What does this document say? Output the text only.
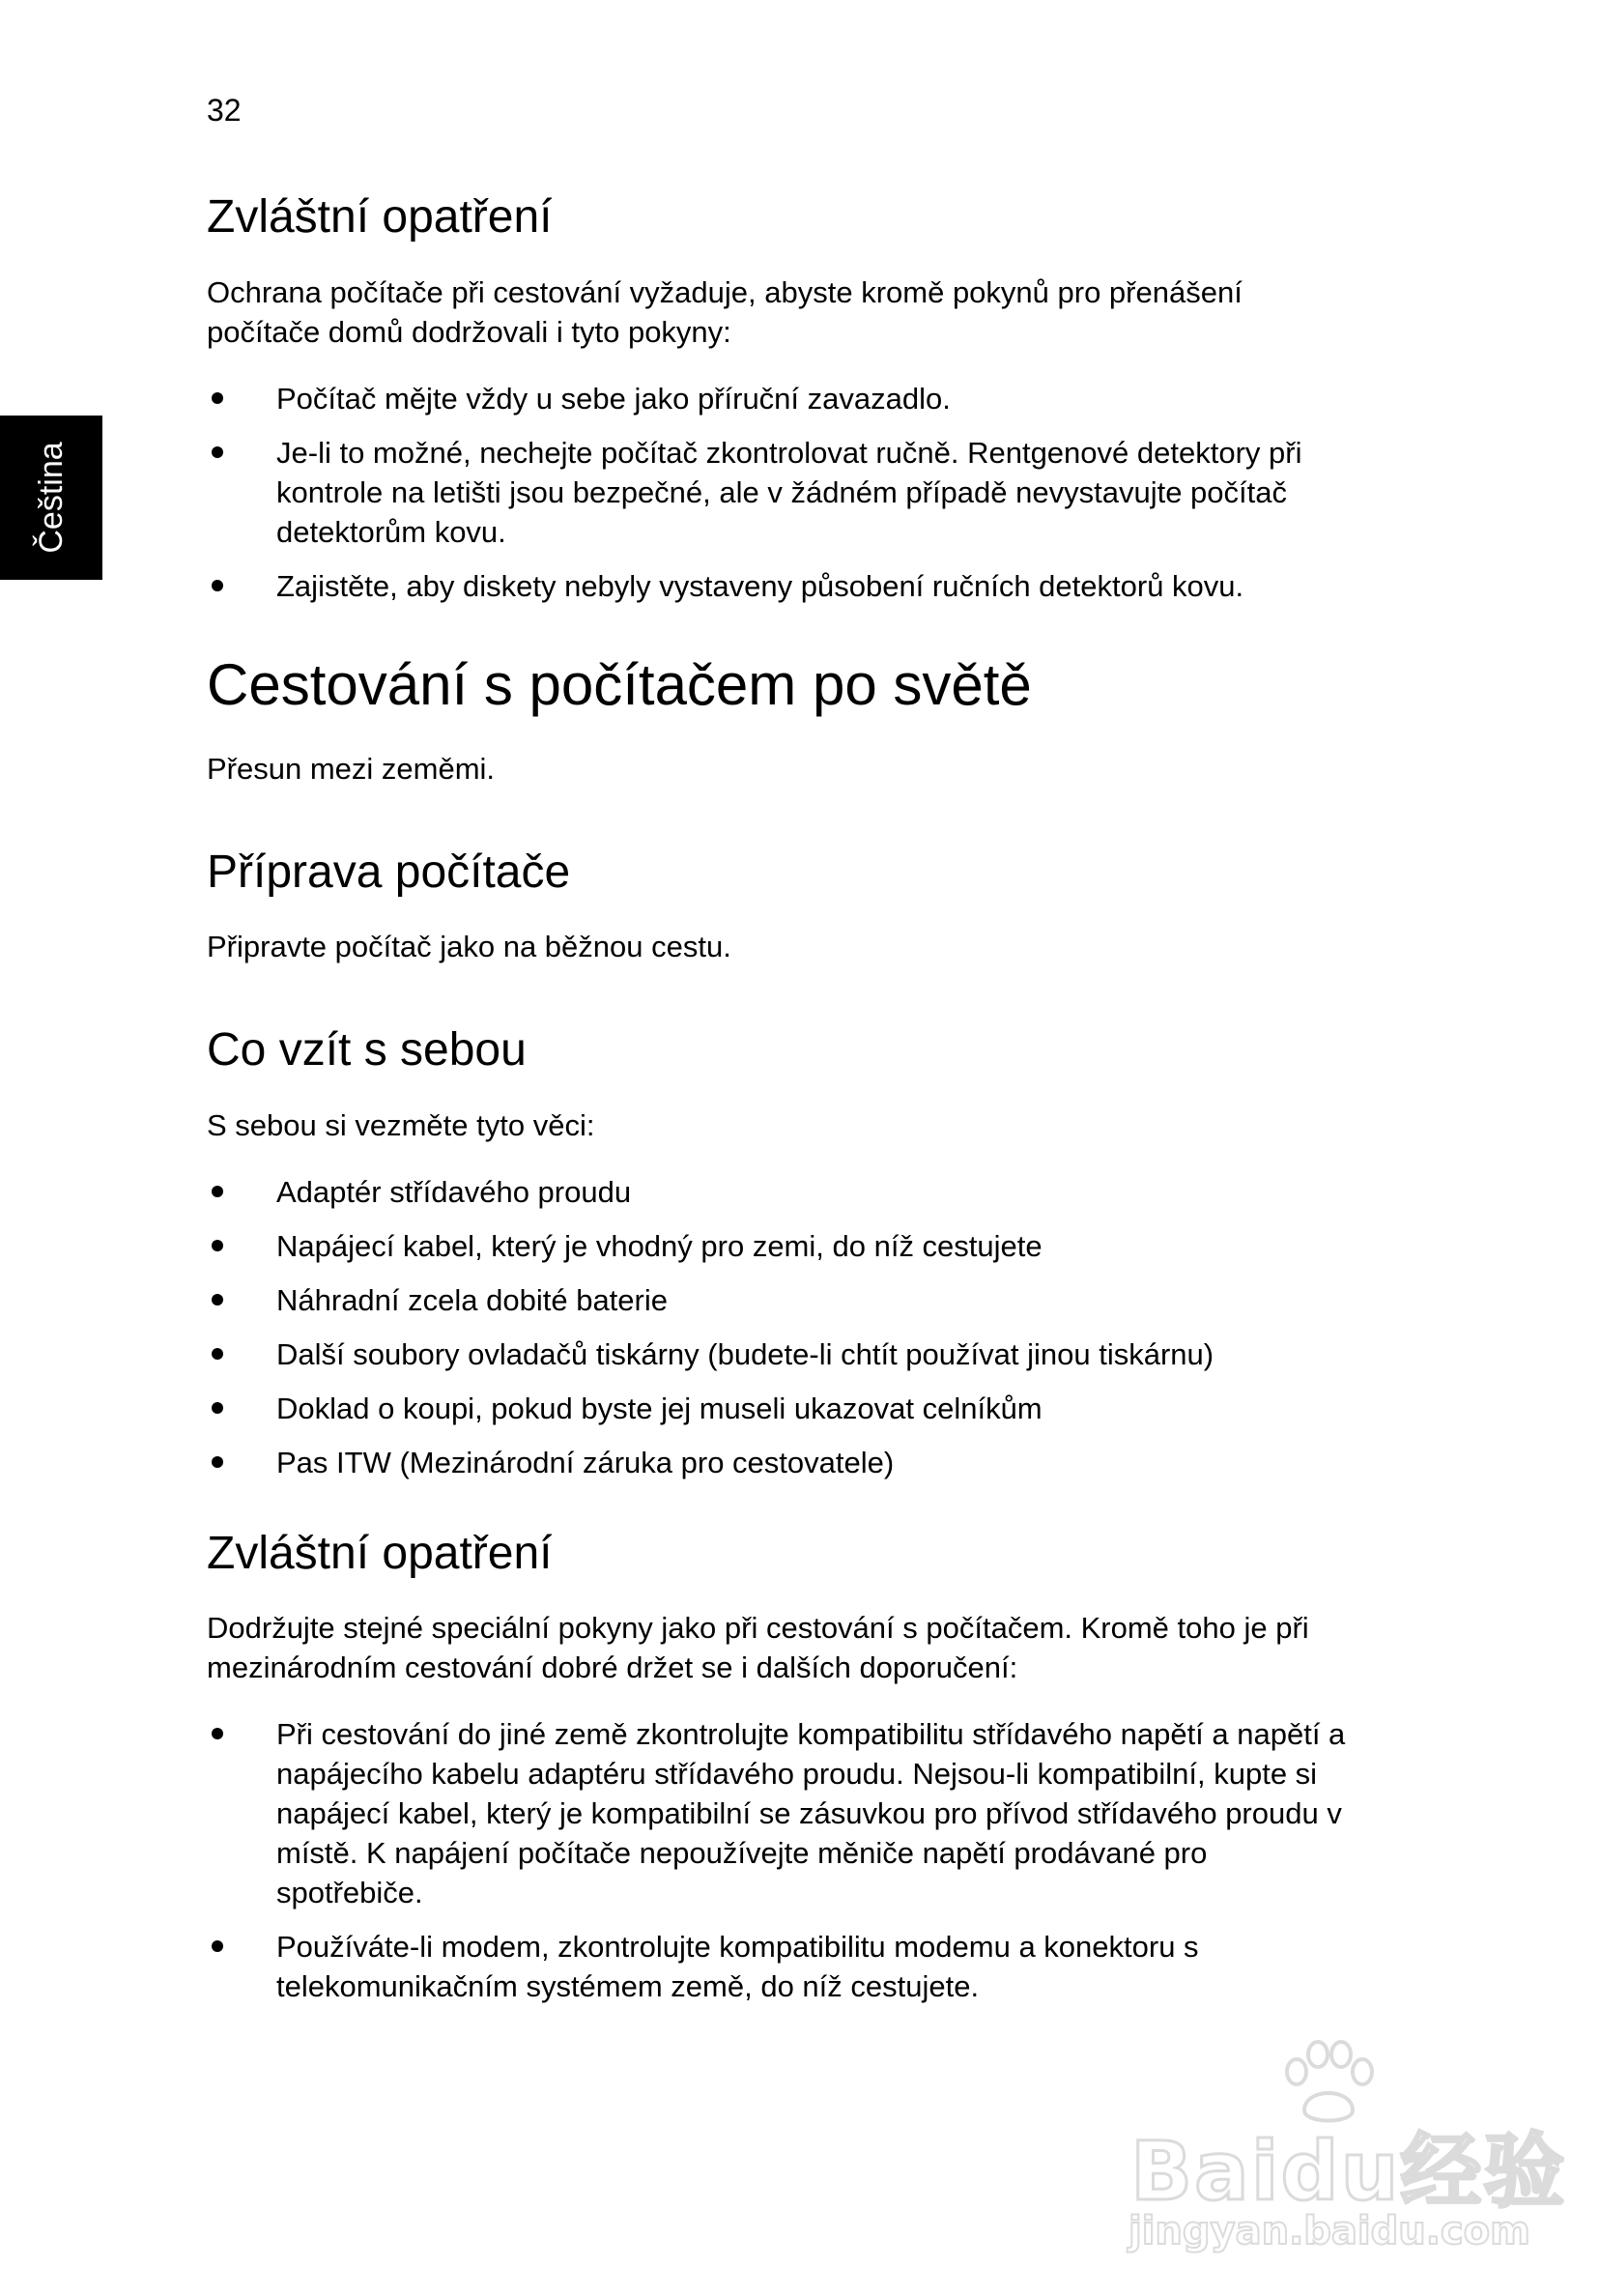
32
Čeština
Zvláštní opatření

Ochrana počítače při cestování vyžaduje, abyste kromě pokynů pro přenášení počítače domů dodržovali i tyto pokyny:

Počítač mějte vždy u sebe jako příruční zavazadlo.
Je-li to možné, nechejte počítač zkontrolovat ručně. Rentgenové detektory při kontrole na letišti jsou bezpečné, ale v žádném případě nevystavujte počítač detektorům kovu.
Zajistěte, aby diskety nebyly vystaveny působení ručních detektorů kovu.
Cestování s počítačem po světě

Přesun mezi zeměmi.

Příprava počítače

Připravte počítač jako na běžnou cestu.

Co vzít s sebou

S sebou si vezměte tyto věci:

Adaptér střídavého proudu
Napájecí kabel, který je vhodný pro zemi, do níž cestujete
Náhradní zcela dobité baterie
Další soubory ovladačů tiskárny (budete-li chtít používat jinou tiskárnu)
Doklad o koupi, pokud byste jej museli ukazovat celníkům
Pas ITW (Mezinárodní záruka pro cestovatele)
Zvláštní opatření

Dodržujte stejné speciální pokyny jako při cestování s počítačem. Kromě toho je při mezinárodním cestování dobré držet se i dalších doporučení:

Při cestování do jiné země zkontrolujte kompatibilitu střídavého napětí a napětí a napájecího kabelu adaptéru střídavého proudu. Nejsou-li kompatibilní, kupte si napájecí kabel, který je kompatibilní se zásuvkou pro přívod střídavého proudu v místě. K napájení počítače nepoužívejte měniče napětí prodávané pro spotřebiče.
Používáte-li modem, zkontrolujte kompatibilitu modemu a konektoru s telekomunikačním systémem země, do níž cestujete.
Baidu经验
jingyan.baidu.com
